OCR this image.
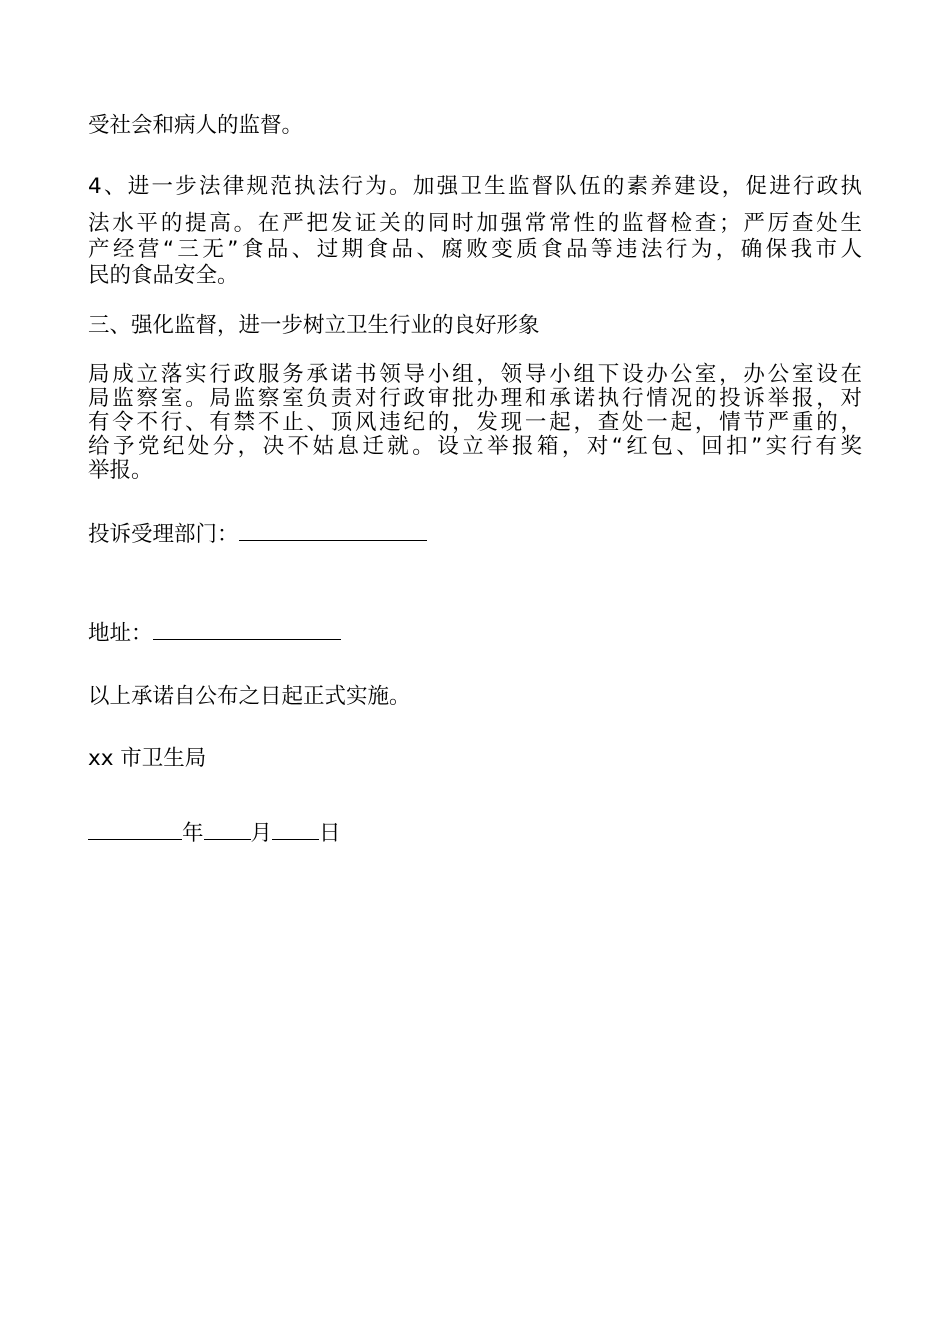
受社会和病人的监督。
4、进一步法律规范执法行为。加强卫生监督队伍的素养建设，促进行政执
法水平的提高。在严把发证关的同时加强常常性的监督检查；严厉查处生
产经营“三无”食品、过期食品、腐败变质食品等违法行为，确保我市人
民的食品安全。
三、强化监督，进一步树立卫生行业的良好形象
局成立落实行政服务承诺书领导小组，领导小组下设办公室，办公室设在
局监察室。局监察室负责对行政审批办理和承诺执行情况的投诉举报，对
有令不行、有禁不止、顶风违纪的，发现一起，查处一起，情节严重的，
给予党纪处分，决不姑息迁就。设立举报箱，对“红包、回扣”实行有奖
举报。
投诉受理部门：
地址：
以上承诺自公布之日起正式实施。
xx 市卫生局
年 月 日
